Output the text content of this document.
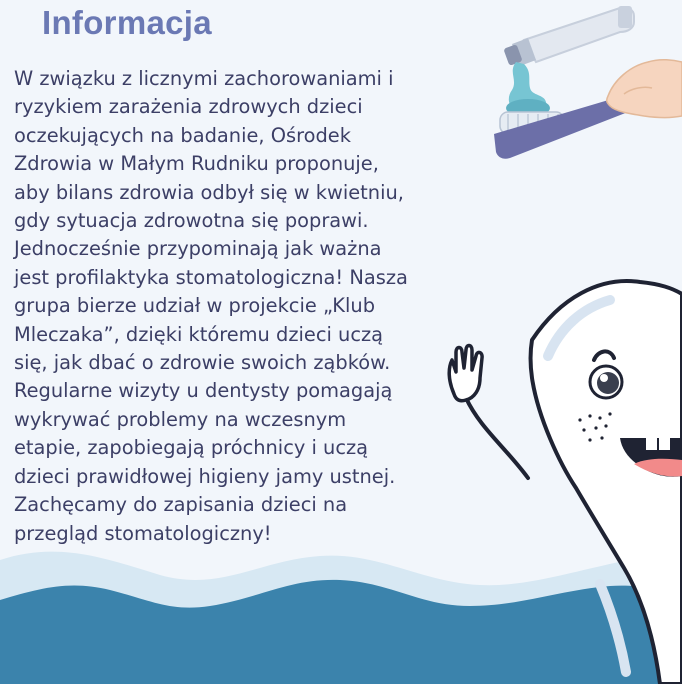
Informacja

W związku z licznymi zachorowaniami i
ryzykiem zarażenia zdrowych dzieci
oczekujących na badanie, Ośrodek
Zdrowia w Małym Rudniku proponuje,
aby bilans zdrowia odbył się w kwietniu,
gdy sytuacja zdrowotna się poprawi.
Jednocześnie przypominają jak ważna
jest profilaktyka stomatologiczna! Nasza
grupa bierze udział w projekcie „Klub
Mleczaka”, dzięki któremu dzieci uczą
się, jak dbać o zdrowie swoich ząbków.
Regularne wizyty u dentysty pomagają
wykrywać problemy na wczesnym
etapie, zapobiegają próchnicy i uczą
dzieci prawidłowej higieny jamy ustnej.
Zachęcamy do zapisania dzieci na
przegląd stomatologiczny!
